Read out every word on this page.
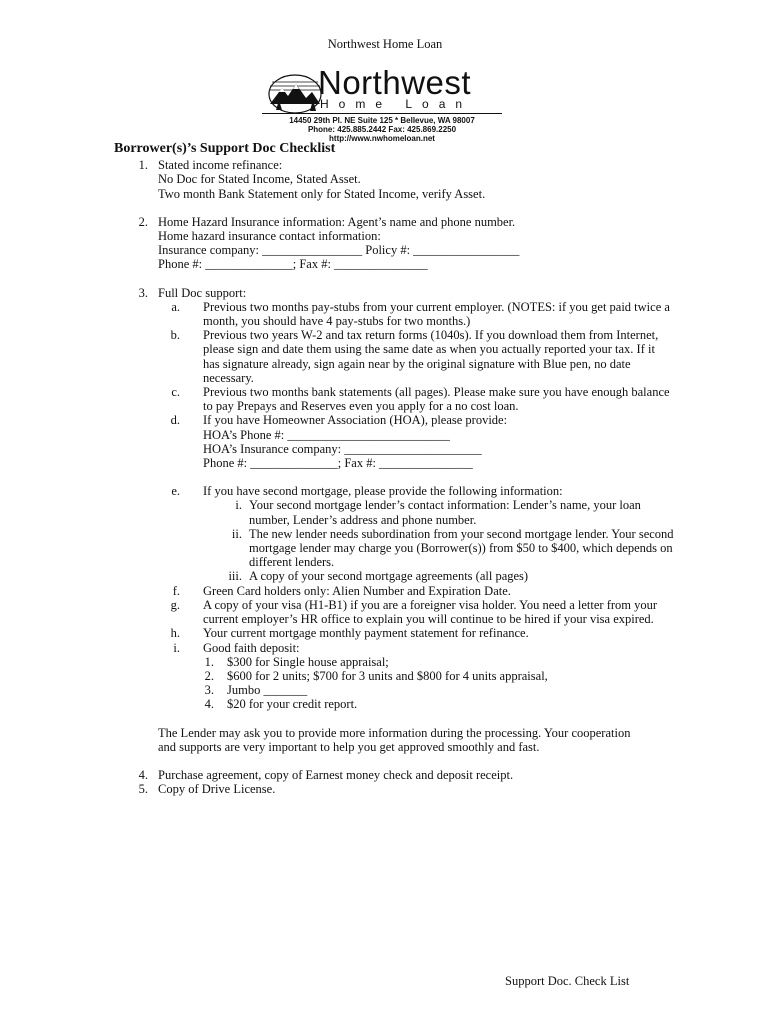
Northwest Home Loan
Northwest
Home Loan
14450 29th Pl. NE Suite 125 * Bellevue, WA 98007
Phone: 425.885.2442 Fax: 425.869.2250
http://www.nwhomeloan.net
Borrower(s)’s Support Doc Checklist
1. Stated income refinance:
No Doc for Stated Income, Stated Asset.
Two month Bank Statement only for Stated Income, verify Asset.
2. Home Hazard Insurance information: Agent’s name and phone number.
Home hazard insurance contact information:
Insurance company: ________________ Policy #: _________________
Phone #: ______________; Fax #: _______________
3. Full Doc support:
a.	Previous two months pay-stubs from your current employer. (NOTES: if you get paid twice a month, you should have 4 pay-stubs for two months.)
b.	Previous two years W-2 and tax return forms (1040s). If you download them from Internet, please sign and date them using the same date as when you actually reported your tax. If it has signature already, sign again near by the original signature with Blue pen, no date necessary.
c.	Previous two months bank statements (all pages). Please make sure you have enough balance to pay Prepays and Reserves even you apply for a no cost loan.
d.	If you have Homeowner Association (HOA), please provide:
HOA’s Phone #: __________________________
HOA’s Insurance company: ______________________
Phone #: ______________; Fax #: _______________
e.	If you have second mortgage, please provide the following information:
i. Your second mortgage lender’s contact information: Lender’s name, your loan number, Lender’s address and phone number.
ii. The new lender needs subordination from your second mortgage lender. Your second mortgage lender may charge you (Borrower(s)) from $50 to $400, which depends on different lenders.
iii. A copy of your second mortgage agreements (all pages)
f.	Green Card holders only: Alien Number and Expiration Date.
g.	A copy of your visa (H1-B1) if you are a foreigner visa holder. You need a letter from your current employer’s HR office to explain you will continue to be hired if your visa expired.
h.	Your current mortgage monthly payment statement for refinance.
i.	Good faith deposit:
1.	$300 for Single house appraisal;
2.	$600 for 2 units; $700 for 3 units and $800 for 4 units appraisal,
3.	Jumbo _______
4.	$20 for your credit report.
The Lender may ask you to provide more information during the processing. Your cooperation and supports are very important to help you get approved smoothly and fast.
4. Purchase agreement, copy of Earnest money check and deposit receipt.
5. Copy of Drive License.
Support Doc. Check List
